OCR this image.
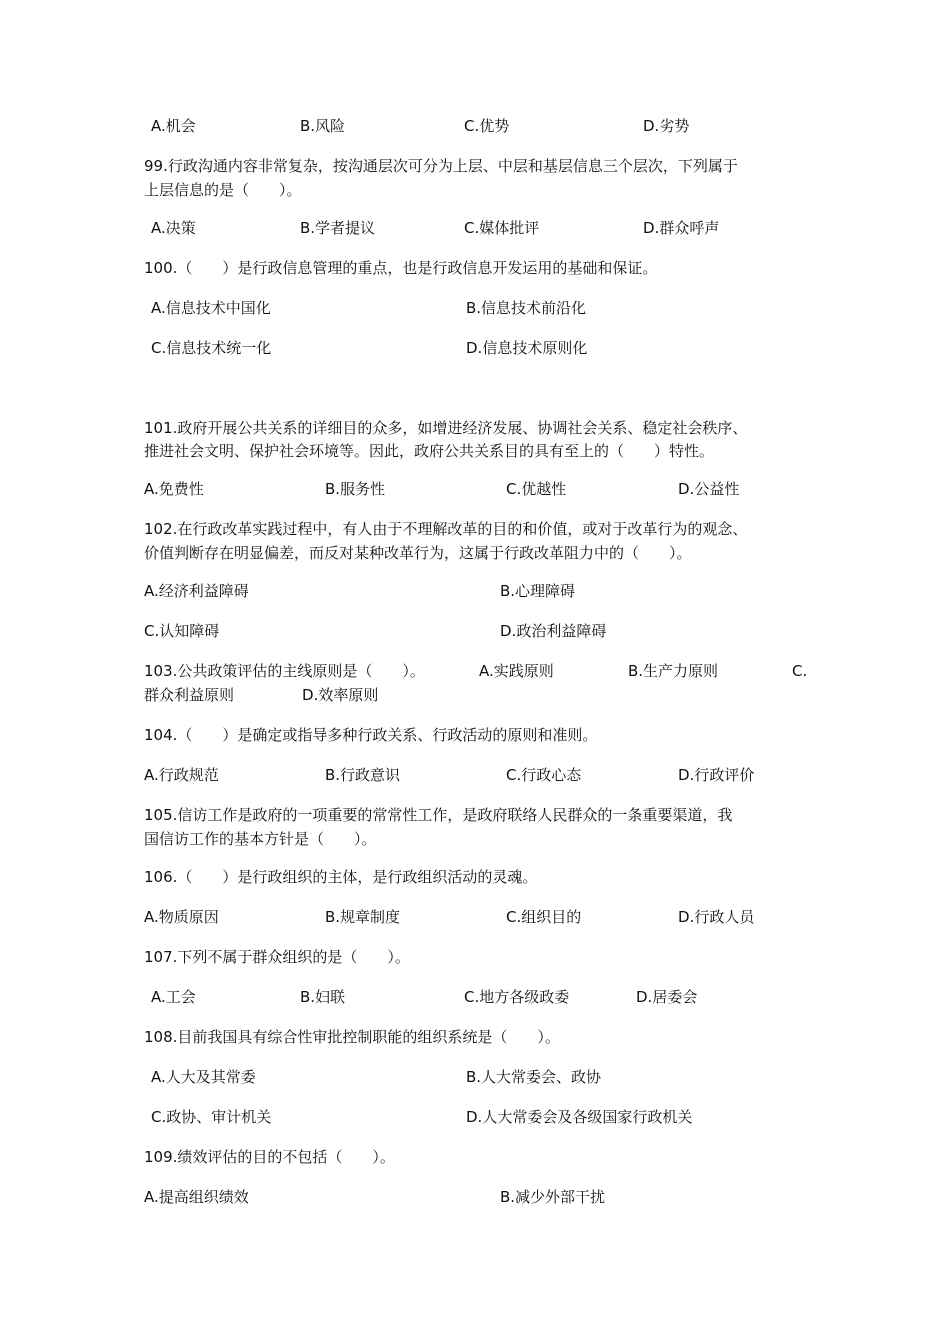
A.机会	B.风险	C.优势	D.劣势
99.行政沟通内容非常复杂，按沟通层次可分为上层、中层和基层信息三个层次，下列属于
上层信息的是（　　）。
A.决策	B.学者提议	C.媒体批评	D.群众呼声
100.（　　）是行政信息管理的重点，也是行政信息开发运用的基础和保证。
A.信息技术中国化	B.信息技术前沿化
C.信息技术统一化	D.信息技术原则化
101.政府开展公共关系的详细目的众多，如增进经济发展、协调社会关系、稳定社会秩序、
推进社会文明、保护社会环境等。因此，政府公共关系目的具有至上的（　　）特性。
A.免费性	B.服务性	C.优越性	D.公益性
102.在行政改革实践过程中，有人由于不理解改革的目的和价值，或对于改革行为的观念、
价值判断存在明显偏差，而反对某种改革行为，这属于行政改革阻力中的（　　）。
A.经济利益障碍	B.心理障碍
C.认知障碍	D.政治利益障碍
103.公共政策评估的主线原则是（　　）。	A.实践原则	B.生产力原则	C.
群众利益原则	D.效率原则
104.（　　）是确定或指导多种行政关系、行政活动的原则和准则。
A.行政规范	B.行政意识	C.行政心态	D.行政评价
105.信访工作是政府的一项重要的常常性工作，是政府联络人民群众的一条重要渠道，我
国信访工作的基本方针是（　　）。
106.（　　）是行政组织的主体，是行政组织活动的灵魂。
A.物质原因	B.规章制度	C.组织目的	D.行政人员
107.下列不属于群众组织的是（　　）。
A.工会	B.妇联	C.地方各级政委	D.居委会
108.目前我国具有综合性审批控制职能的组织系统是（　　）。
A.人大及其常委	B.人大常委会、政协
C.政协、审计机关	D.人大常委会及各级国家行政机关
109.绩效评估的目的不包括（　　）。
A.提高组织绩效	B.减少外部干扰
